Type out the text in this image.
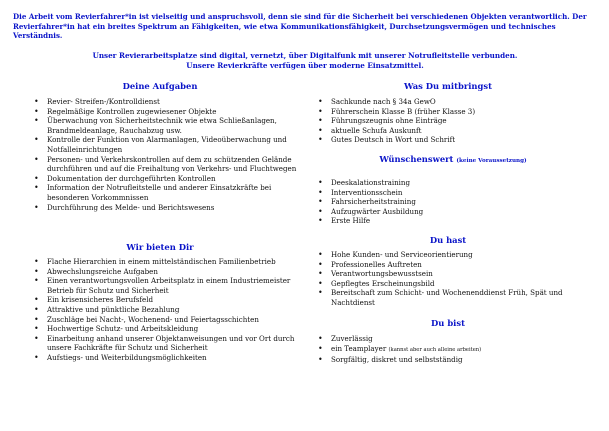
Die Arbeit vom Revierfahrer*in ist vielseitig und anspruchsvoll, denn sie sind für die Sicherheit bei verschiedenen Objekten verantwortlich. Der Revierfahrer*in hat ein breites Spektrum an Fähigkeiten, wie etwa Kommunikationsfähigkeit, Durchsetzungsvermögen und technisches Verständnis.
Unser Revierarbeitsplatze sind digital, vernetzt, über Digitalfunk mit unserer Notrufleitstelle verbunden.
Unsere Revierkräfte verfügen über moderne Einsatzmittel.
Deine Aufgaben
• Revier- Streifen-/Kontrolldienst
• Regelmäßige Kontrollen zugewiesener Objekte
• Überwachung von Sicherheitstechnik wie etwa Schließanlagen, Brandmeldeanlage, Rauchabzug usw.
• Kontrolle der Funktion von Alarmanlagen, Videoüberwachung und Notfalleinrichtungen
• Personen- und Verkehrskontrollen auf dem zu schützenden Gelände durchführen und auf die Freihaltung von Verkehrs- und Fluchtwegen
• Dokumentation der durchgeführten Kontrollen
• Information der Notrufleitstelle und anderer Einsatzkräfte bei besonderen Vorkommnissen
• Durchführung des Melde- und Berichtswesens
Wir bieten Dir
• Flache Hierarchien in einem mittelständischen Familienbetrieb
• Abwechslungsreiche Aufgaben
• Einen verantwortungsvollen Arbeitsplatz in einem Industriemeister Betrieb für Schutz und Sicherheit
• Ein krisensicheres Berufsfeld
• Attraktive und pünktliche Bezahlung
• Zuschläge bei Nacht-, Wochenend- und Feiertagsschichten
• Hochwertige Schutz- und Arbeitskleidung
• Einarbeitung anhand unserer Objektanweisungen und vor Ort durch unsere Fachkräfte für Schutz und Sicherheit
• Aufstiegs- und Weiterbildungsmöglichkeiten
Was Du mitbringst
• Sachkunde nach § 34a GewO
• Führerschein Klasse B (früher Klasse 3)
• Führungszeugnis ohne Einträge
• aktuelle Schufa Auskunft
• Gutes Deutsch in Wort und Schrift
Wünschenswert (keine Voraussetzung)
• Deeskalationstraining
• Interventionsschein
• Fahrsicherheitstraining
• Aufzugwärter Ausbildung
• Erste Hilfe
Du hast
• Hohe Kunden- und Serviceorientierung
• Professionelles Auftreten
• Verantwortungsbewusstsein
• Gepflegtes Erscheinungsbild
• Bereitschaft zum Schicht- und Wochenenddienst Früh, Spät und Nachtdienst
Du bist
• Zuverlässig
• ein Teamplayer (kannst aber auch alleine arbeiten)
• Sorgfältig, diskret und selbstständig
